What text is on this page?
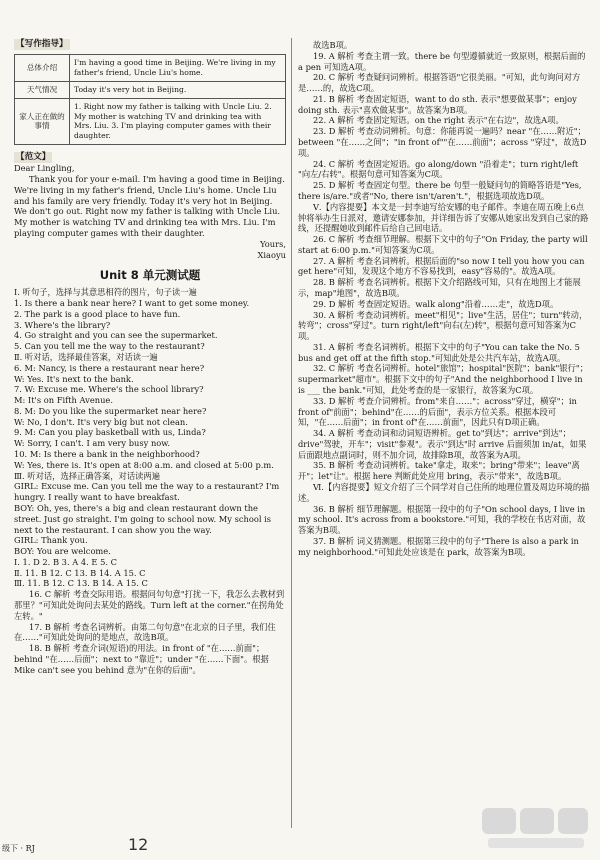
【写作指导】
总体介绍	I'm having a good time in Beijing. We're living in my father's friend, Uncle Liu's home.
天气情况	Today it's very hot in Beijing.
家人正在做的事情	1. Right now my father is talking with Uncle Liu. 2. My mother is watching TV and drinking tea with Mrs. Liu. 3. I'm playing computer games with their daughter.
【范文】

Dear Lingling,

Thank you for your e-mail. I'm having a good time in Beijing. We're living in my father's friend, Uncle Liu's home. Uncle Liu and his family are very friendly. Today it's very hot in Beijing. We don't go out. Right now my father is talking with Uncle Liu. My mother is watching TV and drinking tea with Mrs. Liu. I'm playing computer games with their daughter.

Yours,

Xiaoyu

Unit 8 单元测试题

Ⅰ. 听句子，选择与其意思相符的图片，句子读一遍

1. Is there a bank near here? I want to get some money.

2. The park is a good place to have fun.

3. Where's the library?

4. Go straight and you can see the supermarket.

5. Can you tell me the way to the restaurant?

Ⅱ. 听对话，选择最佳答案，对话读一遍

6. M: Nancy, is there a restaurant near here?

W: Yes. It's next to the bank.

7. W: Excuse me. Where's the school library?

M: It's on Fifth Avenue.

8. M: Do you like the supermarket near here?

W: No, I don't. It's very big but not clean.

9. M: Can you play basketball with us, Linda?

W: Sorry, I can't. I am very busy now.

10. M: Is there a bank in the neighborhood?

W: Yes, there is. It's open at 8:00 a.m. and closed at 5:00 p.m.

Ⅲ. 听对话，选择正确答案，对话读两遍

GIRL: Excuse me. Can you tell me the way to a restaurant? I'm hungry. I really want to have breakfast.

BOY: Oh, yes, there's a big and clean restaurant down the street. Just go straight. I'm going to school now. My school is next to the restaurant. I can show you the way.

GIRL: Thank you.

BOY: You are welcome.

Ⅰ. 1. D 2. B 3. A 4. E 5. C

Ⅱ. 11. B 12. C 13. B 14. A 15. C

Ⅲ. 11. B 12. C 13. B 14. A 15. C

16. C 解析 考查交际用语。根据问句句意"打扰一下，我怎么去教材到那里？"可知此处询问去某处的路线。Turn left at the corner."在拐角处左转。"

17. B 解析 考查名词辨析。由第二句句意"在北京的日子里，我们住在……"可知此处询问的是地点，故选B项。

18. B 解析 考查介词(短语)的用法。in front of "在……前面"；behind "在……后面"；next to "靠近"；under "在……下面"。根据 Mike can't see you behind 意为"在你的后面"。

故选B项。

19. A 解析 考查主谓一致。there be 句型遵循就近一致原则，根据后面的 a pen 可知选A项。

20. C 解析 考查疑问词辨析。根据答语"它很美丽。"可知，此句询问对方是……的，故选C项。

21. B 解析 考查固定短语，want to do sth. 表示"想要做某事"；enjoy doing sth. 表示"喜欢做某事"。故答案为B项。

22. A 解析 考查固定短语。on the right 表示"在右边"，故选A项。

23. D 解析 考查动词辨析。句意：你能再说一遍吗？near "在……附近"；between "在……之间"；"in front of""在……前面"；across "穿过"，故选D项。

24. C 解析 考查固定短语。go along/down "沿着走"；turn right/left "向左/右转"。根据句意可知答案为C项。

25. D 解析 考查固定句型。there be 句型一般疑问句的简略答语是"Yes, there is/are."或者"No, there isn't/aren't."，根据选项故选D项。

Ⅴ.【内容提要】本文是一封李迪写给安娜的电子邮件。李迪在周五晚上6点钟将举办生日派对，邀请安娜参加，并详细告诉了安娜从她家出发到自己家的路线，还提醒她收到邮件后给自己回电话。

26. C 解析 考查细节理解。根据下文中的句子"On Friday, the party will start at 6:00 p.m."可知答案为C项。

27. A 解析 考查名词辨析。根据后面的"so now I tell you how you can get here"可知，发现这个地方不容易找到，easy"容易的"。故选A项。

28. B 解析 考查名词辨析。根据下文介绍路线可知，只有在地图上才能展示，map"地图"，故选B项。

29. D 解析 考查固定短语。walk along"沿着……走"，故选D项。

30. A 解析 考查动词辨析。meet"相见"；live"生活，居住"；turn"转动，转弯"；cross"穿过"。turn right/left"向右(左)转"，根据句意可知答案为C项。

31. A 解析 考查名词辨析。根据下文中的句子"You can take the No. 5 bus and get off at the fifth stop."可知此处是公共汽车站，故选A项。

32. C 解析 考查名词辨析。hotel"旅馆"；hospital"医院"；bank"银行"；supermarket"超市"。根据下文中的句子"And the neighborhood I live in is ___ the bank."可知，此处考查的是一家银行，故答案为C项。

33. D 解析 考查介词辨析。from"来自……"；across"穿过，横穿"；in front of"前面"；behind"在……的后面"，表示方位关系。根据本段可知，"在……后面"；in front of"在……前面"，因此只有D项正确。

34. A 解析 考查动词和动词短语辨析。get to"到达"；arrive"到达"；drive"驾驶，开车"；visit"参观"。表示"到达"时 arrive 后面须加 in/at，如果后面跟地点副词时，则不加介词，故排除B项，故答案为A项。

35. B 解析 考查动词辨析。take"拿走，取来"；bring"带来"；leave"离开"；let"让"。根据 here 判断此处应用 bring，表示"带来"，故选B项。

Ⅵ.【内容提要】短文介绍了三个同学对自己住所的地理位置及周边环境的描述。

36. B 解析 细节理解题。根据第一段中的句子"On school days, I live in my school. It's across from a bookstore."可知，我的学校在书店对面，故答案为B项。

37. B 解析 词义猜测题。根据第三段中的句子"There is also a park in my neighborhood."可知此处应该是在 park，故答案为B项。

级下 · RJ	12
